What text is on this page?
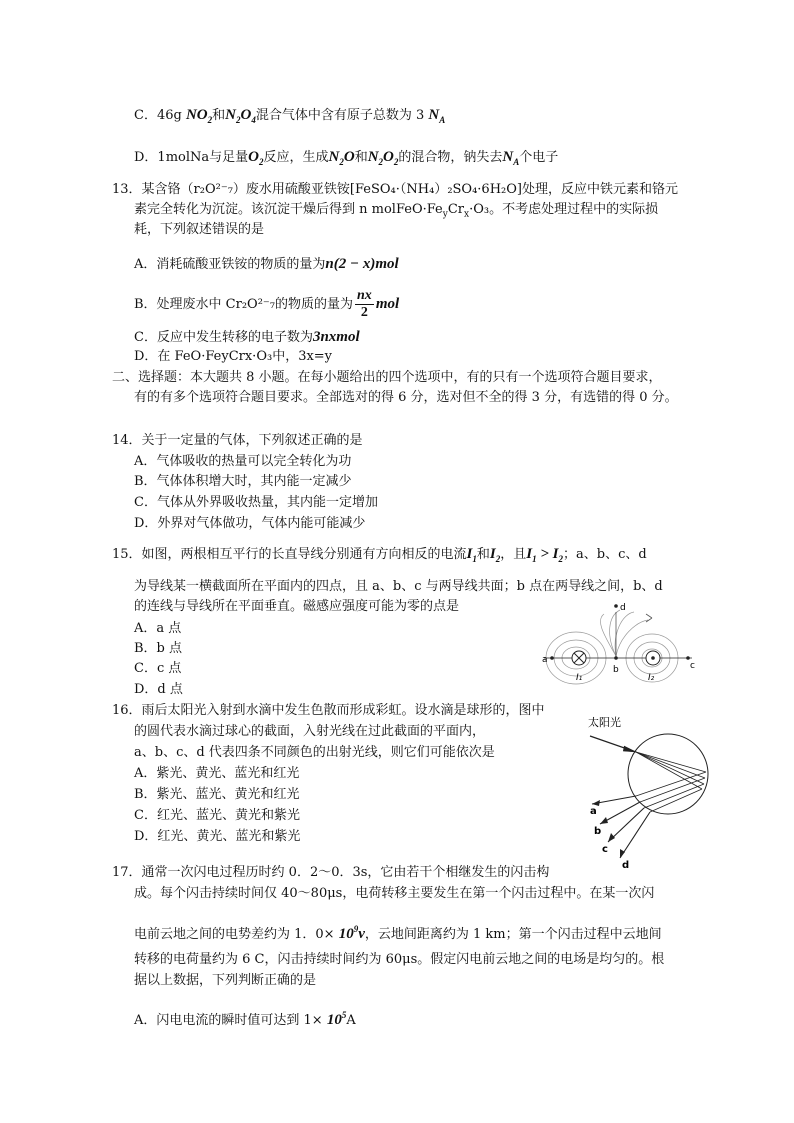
C．46g $NO_2$和$N_2O_4$混合气体中含有原子总数为 3 $N_A$
D．1molNa与足量$O_2$反应，生成$N_2O$和$N_2O_2$的混合物，钠失去$N_A$个电子
13．某含铬（r₂O²⁻₇）废水用硫酸亚铁铵[FeSO₄·（NH₄）₂SO₄·6H₂O]处理，反应中铁元素和铬元
素完全转化为沉淀。该沉淀干燥后得到 n $molFeO\cdot Fe_yCr_x\cdot O_3$。不考虑处理过程中的实际损
耗，下列叙述错误的是
A．消耗硫酸亚铁铵的物质的量为n(2 − x)mol
B．处理废水中 Cr₂O²⁻₇的物质的量为 $\frac{nx}{2}$ mol
C．反应中发生转移的电子数为3nxmol
D．在 FeO·FeyCrx·O₃中，3x=y
二、选择题：本大题共 8 小题。在每小题给出的四个选项中，有的只有一个选项符合题目要求，
有的有多个选项符合题目要求。全部选对的得 6 分，选对但不全的得 3 分，有选错的得 0 分。
14．关于一定量的气体，下列叙述正确的是
A．气体吸收的热量可以完全转化为功
B．气体体积增大时，其内能一定减少
C．气体从外界吸收热量，其内能一定增加
D．外界对气体做功，气体内能可能减少
15．如图，两根相互平行的长直导线分别通有方向相反的电流$I_1$和$I_2$，且$I_1 > I_2$；a、b、c、d
为导线某一横截面所在平面内的四点，且 a、b、c 与两导线共面；b 点在两导线之间，b、d
的连线与导线所在平面垂直。磁感应强度可能为零的点是
A．a 点
B．b 点
C．c 点
D．d 点
a
b	c
d
I₁	I₂
16．雨后太阳光入射到水滴中发生色散而形成彩虹。设水滴是球形的，图中
的圆代表水滴过球心的截面，入射光线在过此截面的平面内，
a、b、c、d 代表四条不同颜色的出射光线，则它们可能依次是
A．紫光、黄光、蓝光和红光
B．紫光、蓝光、黄光和红光
C．红光、蓝光、黄光和紫光
D．红光、黄光、蓝光和紫光
太阳光
a
b
c
d
17．通常一次闪电过程历时约 0．2～0．3s，它由若干个相继发生的闪击构
成。每个闪击持续时间仅 40～80μs，电荷转移主要发生在第一个闪击过程中。在某一次闪
电前云地之间的电势差约为 1．$0\times 10^9v$，云地间距离约为 1 km；第一个闪击过程中云地间
转移的电荷量约为 6 C，闪击持续时间约为 60μs。假定闪电前云地之间的电场是均匀的。根
据以上数据，下列判断正确的是
A．闪电电流的瞬时值可达到 $1\times 10^5A$
